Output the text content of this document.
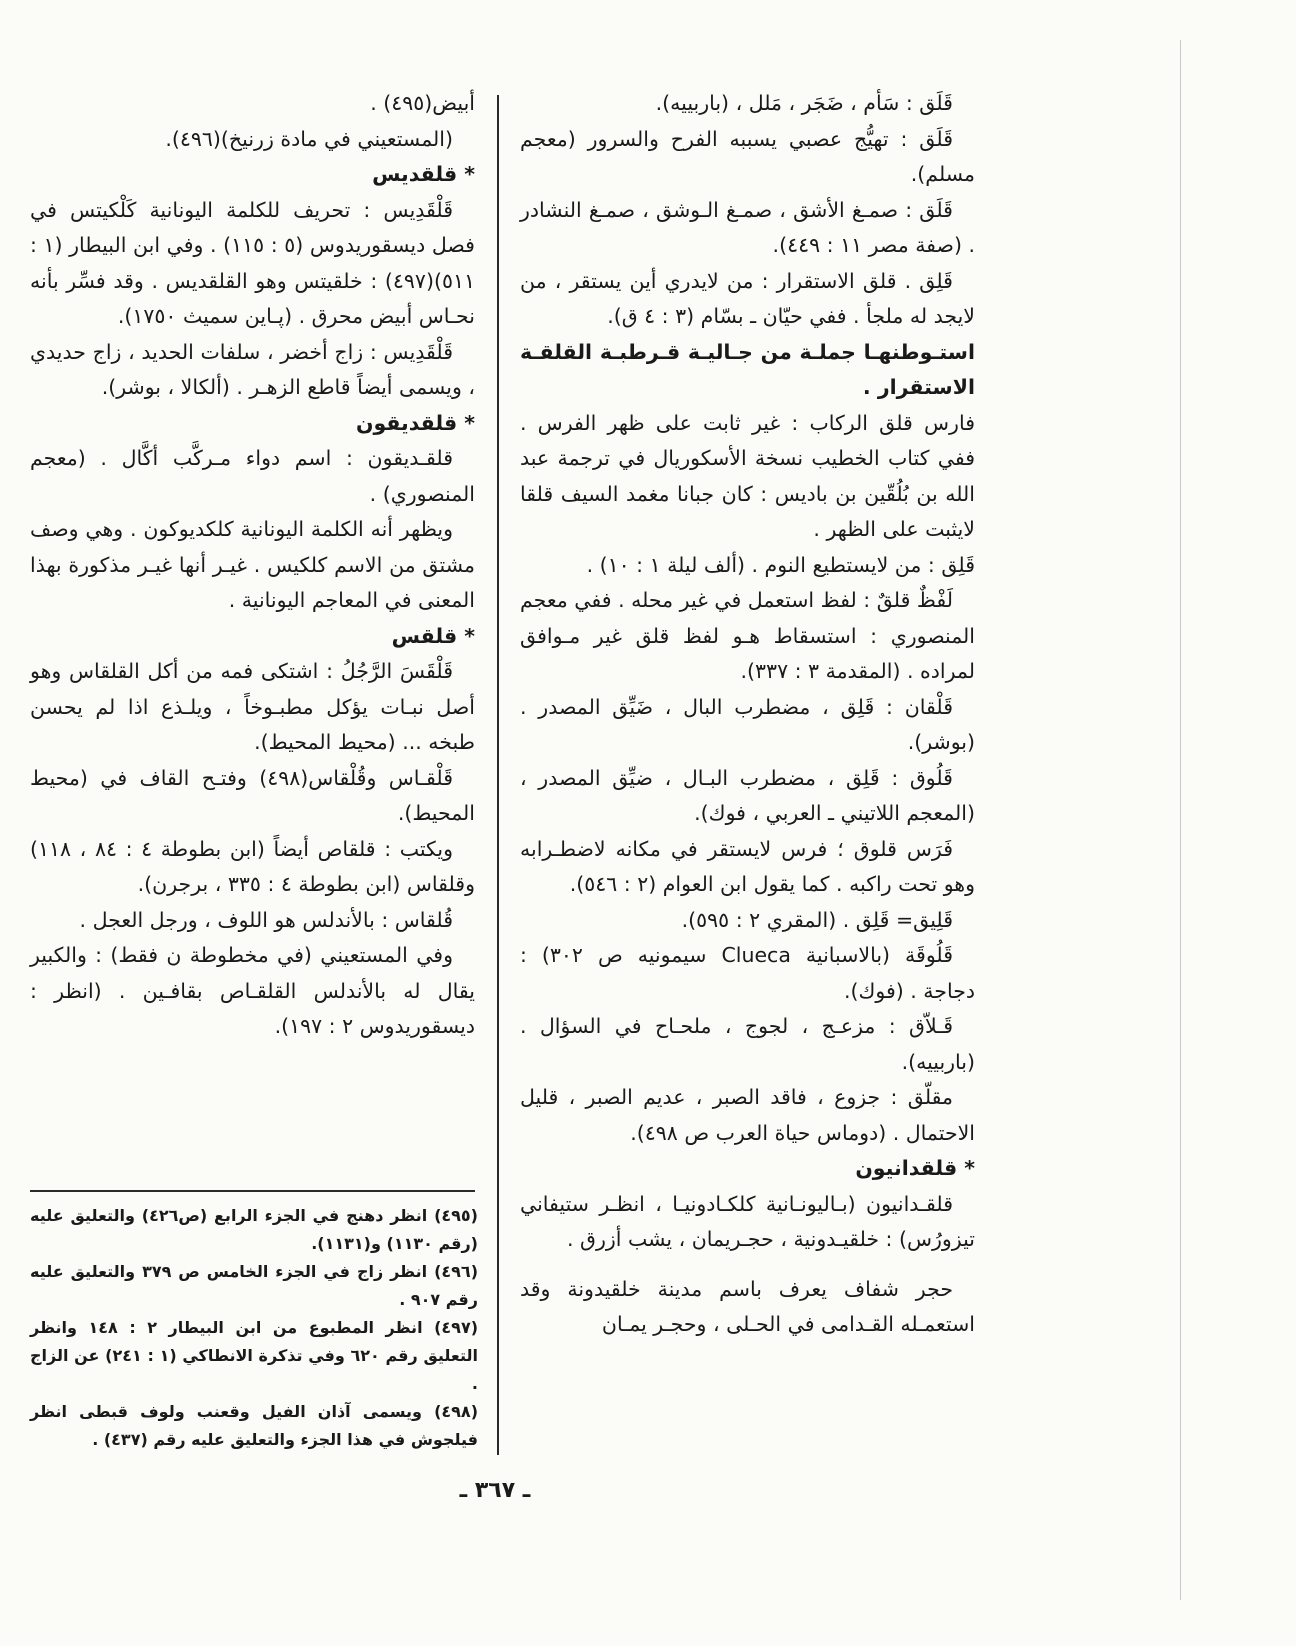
قَلَق : سَأم ، ضَجَر ، مَلل ، (باربييه).

قَلَق : تهيُّج عصبي يسببه الفرح والسرور (معجم مسلم).

قَلَق : صمـغ الأشق ، صمـغ الـوشق ، صمـغ النشادر . (صفة مصر ١١ : ٤٤٩).

قَلِق . قلق الاستقرار : من لايدري أين يستقر ، من لايجد له ملجأ . ففي حيّان ـ بسّام (٣ : ٤ ق).

استـوطنهـا جملـة من جـاليـة قـرطبـة القلقـة الاستقرار .

فارس قلق الركاب : غير ثابت على ظهر الفرس . ففي كتاب الخطيب نسخة الأسكوريال في ترجمة عبد الله بن بُلُقّين بن باديس : كان جبانا مغمد السيف قلقا لايثبت على الظهر .

قَلِق : من لايستطيع النوم . (ألف ليلة ١ : ١٠) .

لَفْظٌ قلقٌ : لفظ استعمل في غير محله . ففي معجم المنصوري : استسقاط هـو لفظ قلق غير مـوافق لمراده . (المقدمة ٣ : ٣٣٧).

قَلْقان : قَلِق ، مضطرب البال ، ضَيِّق المصدر . (بوشر).

قَلُوق : قَلِق ، مضطرب البـال ، ضيِّق المصدر ، (المعجم اللاتيني ـ العربي ، فوك).

فَرَس قلوق ؛ فرس لايستقر في مكانه لاضطـرابه وهو تحت راكبه . كما يقول ابن العوام (٢ : ٥٤٦).

قَلِيق= قَلِق . (المقري ٢ : ٥٩٥).

قَلُوقَة (بالاسبانية Clueca سيمونيه ص ٣٠٢) : دجاجة . (فوك).

قَـلاّق : مزعـج ، لجوج ، ملحـاح في السؤال . (باربييه).

مقلّق : جزوع ، فاقد الصبر ، عديم الصبر ، قليل الاحتمال . (دوماس حياة العرب ص ٤٩٨).

* قلقدانيون

قلقـدانيون (بـاليونـانية كلكـادونيـا ، انظـر ستيفاني تيزورُس) : خلقيـدونية ، حجـريمان ، يشب أزرق .

حجر شفاف يعرف باسم مدينة خلقيدونة وقد استعمـله القـدامى في الحـلى ، وحجـر يمـان

أبيض(٤٩٥) .

(المستعيني في مادة زرنيخ)(٤٩٦).

* قلقديس

قَلْقَدِيس : تحريف للكلمة اليونانية كَلْكيتس في فصل ديسقوريدوس (٥ : ١١٥) . وفي ابن البيطار (١ : ٥١١)(٤٩٧) : خلقيتس وهو القلقديس . وقد فسِّر بأنه نحـاس أبيض محرق . (پـاين سميث ١٧٥٠).

قَلْقَدِيس : زاج أخضر ، سلفات الحديد ، زاج حديدي ، ويسمى أيضاً قاطع الزهـر . (ألكالا ، بوشر).

* قلقديقون

قلقـديقون : اسم دواء مـركَّب أكَّال . (معجم المنصوري) .

ويظهر أنه الكلمة اليونانية كلكديوكون . وهي وصف مشتق من الاسم كلكيس . غيـر أنها غيـر مذكورة بهذا المعنى في المعاجم اليونانية .

* قلقس

قَلْقَسَ الرَّجُلُ : اشتكى فمه من أكل القلقاس وهو أصل نبـات يؤكل مطبـوخاً ، ويلـذع اذا لم يحسن طبخه ... (محيط المحيط).

قَلْقـاس وقُلْقاس(٤٩٨) وفتـح القاف في (محيط المحيط).

ويكتب : قلقاص أيضاً (ابن بطوطة ٤ : ٨٤ ، ١١٨) وقلقاس (ابن بطوطة ٤ : ٣٣٥ ، برجرن).

قُلقاس : بالأندلس هو اللوف ، ورجل العجل .

وفي المستعيني (في مخطوطة ن فقط) : والكبير يقال له بالأندلس القلقـاص بقافـين . (انظر : ديسقوريدوس ٢ : ١٩٧).

(٤٩٥) انظر دهنج في الجزء الرابع (ص٤٢٦) والتعليق عليه (رقم ١١٣٠) و(١١٣١).

(٤٩٦) انظر زاج في الجزء الخامس ص ٣٧٩ والتعليق عليه رقم ٩٠٧ .

(٤٩٧) انظر المطبوع من ابن البيطار ٢ : ١٤٨ وانظر التعليق رقم ٦٢٠ وفي تذكرة الانطاكي (١ : ٢٤١) عن الزاج .

(٤٩٨) ويسمى آذان الفيل وقعنب ولوف قبطى انظر فيلجوش في هذا الجزء والتعليق عليه رقم (٤٣٧) .

ـ ٣٦٧ ـ
